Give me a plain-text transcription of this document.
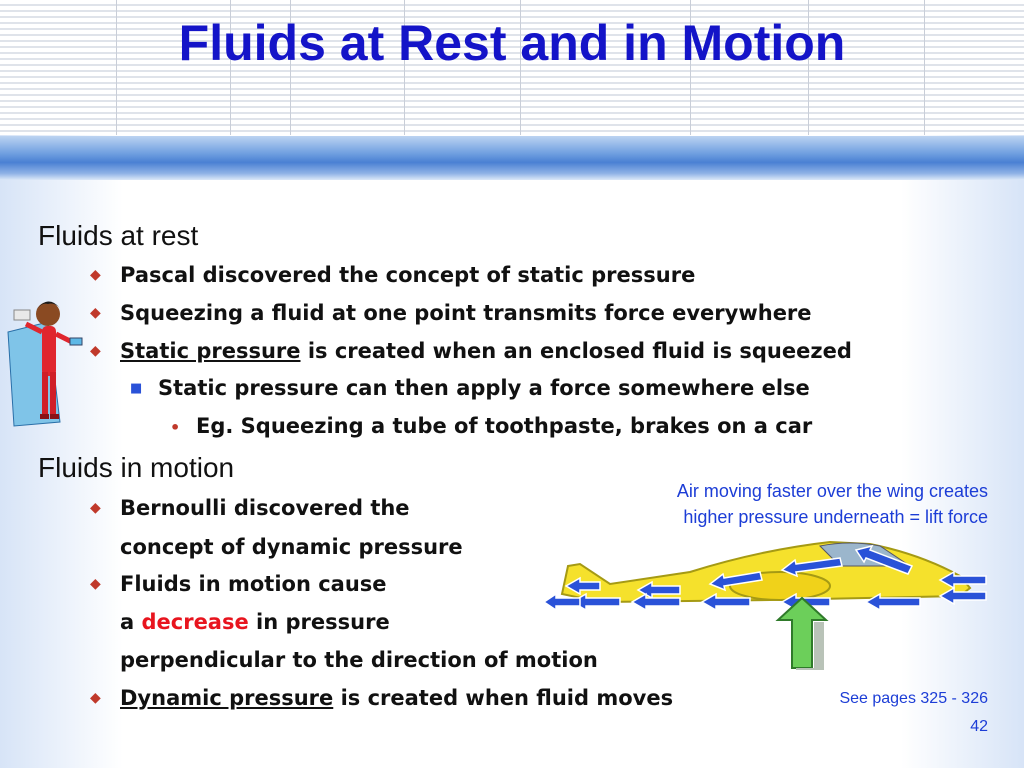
Fluids at Rest and in Motion
Fluids at rest
◆ Pascal discovered the concept of static pressure
◆ Squeezing a fluid at one point transmits force everywhere
◆ Static pressure is created when an enclosed fluid is squeezed
■ Static pressure can then apply a force somewhere else
• Eg. Squeezing a tube of toothpaste, brakes on a car
Fluids in motion
◆ Bernoulli discovered the
concept of dynamic pressure
◆ Fluids in motion cause
a decrease in pressure
perpendicular to the direction of motion
◆ Dynamic pressure is created when fluid moves
Air moving faster over the wing creates
higher pressure underneath = lift force
See pages 325 - 326
42
